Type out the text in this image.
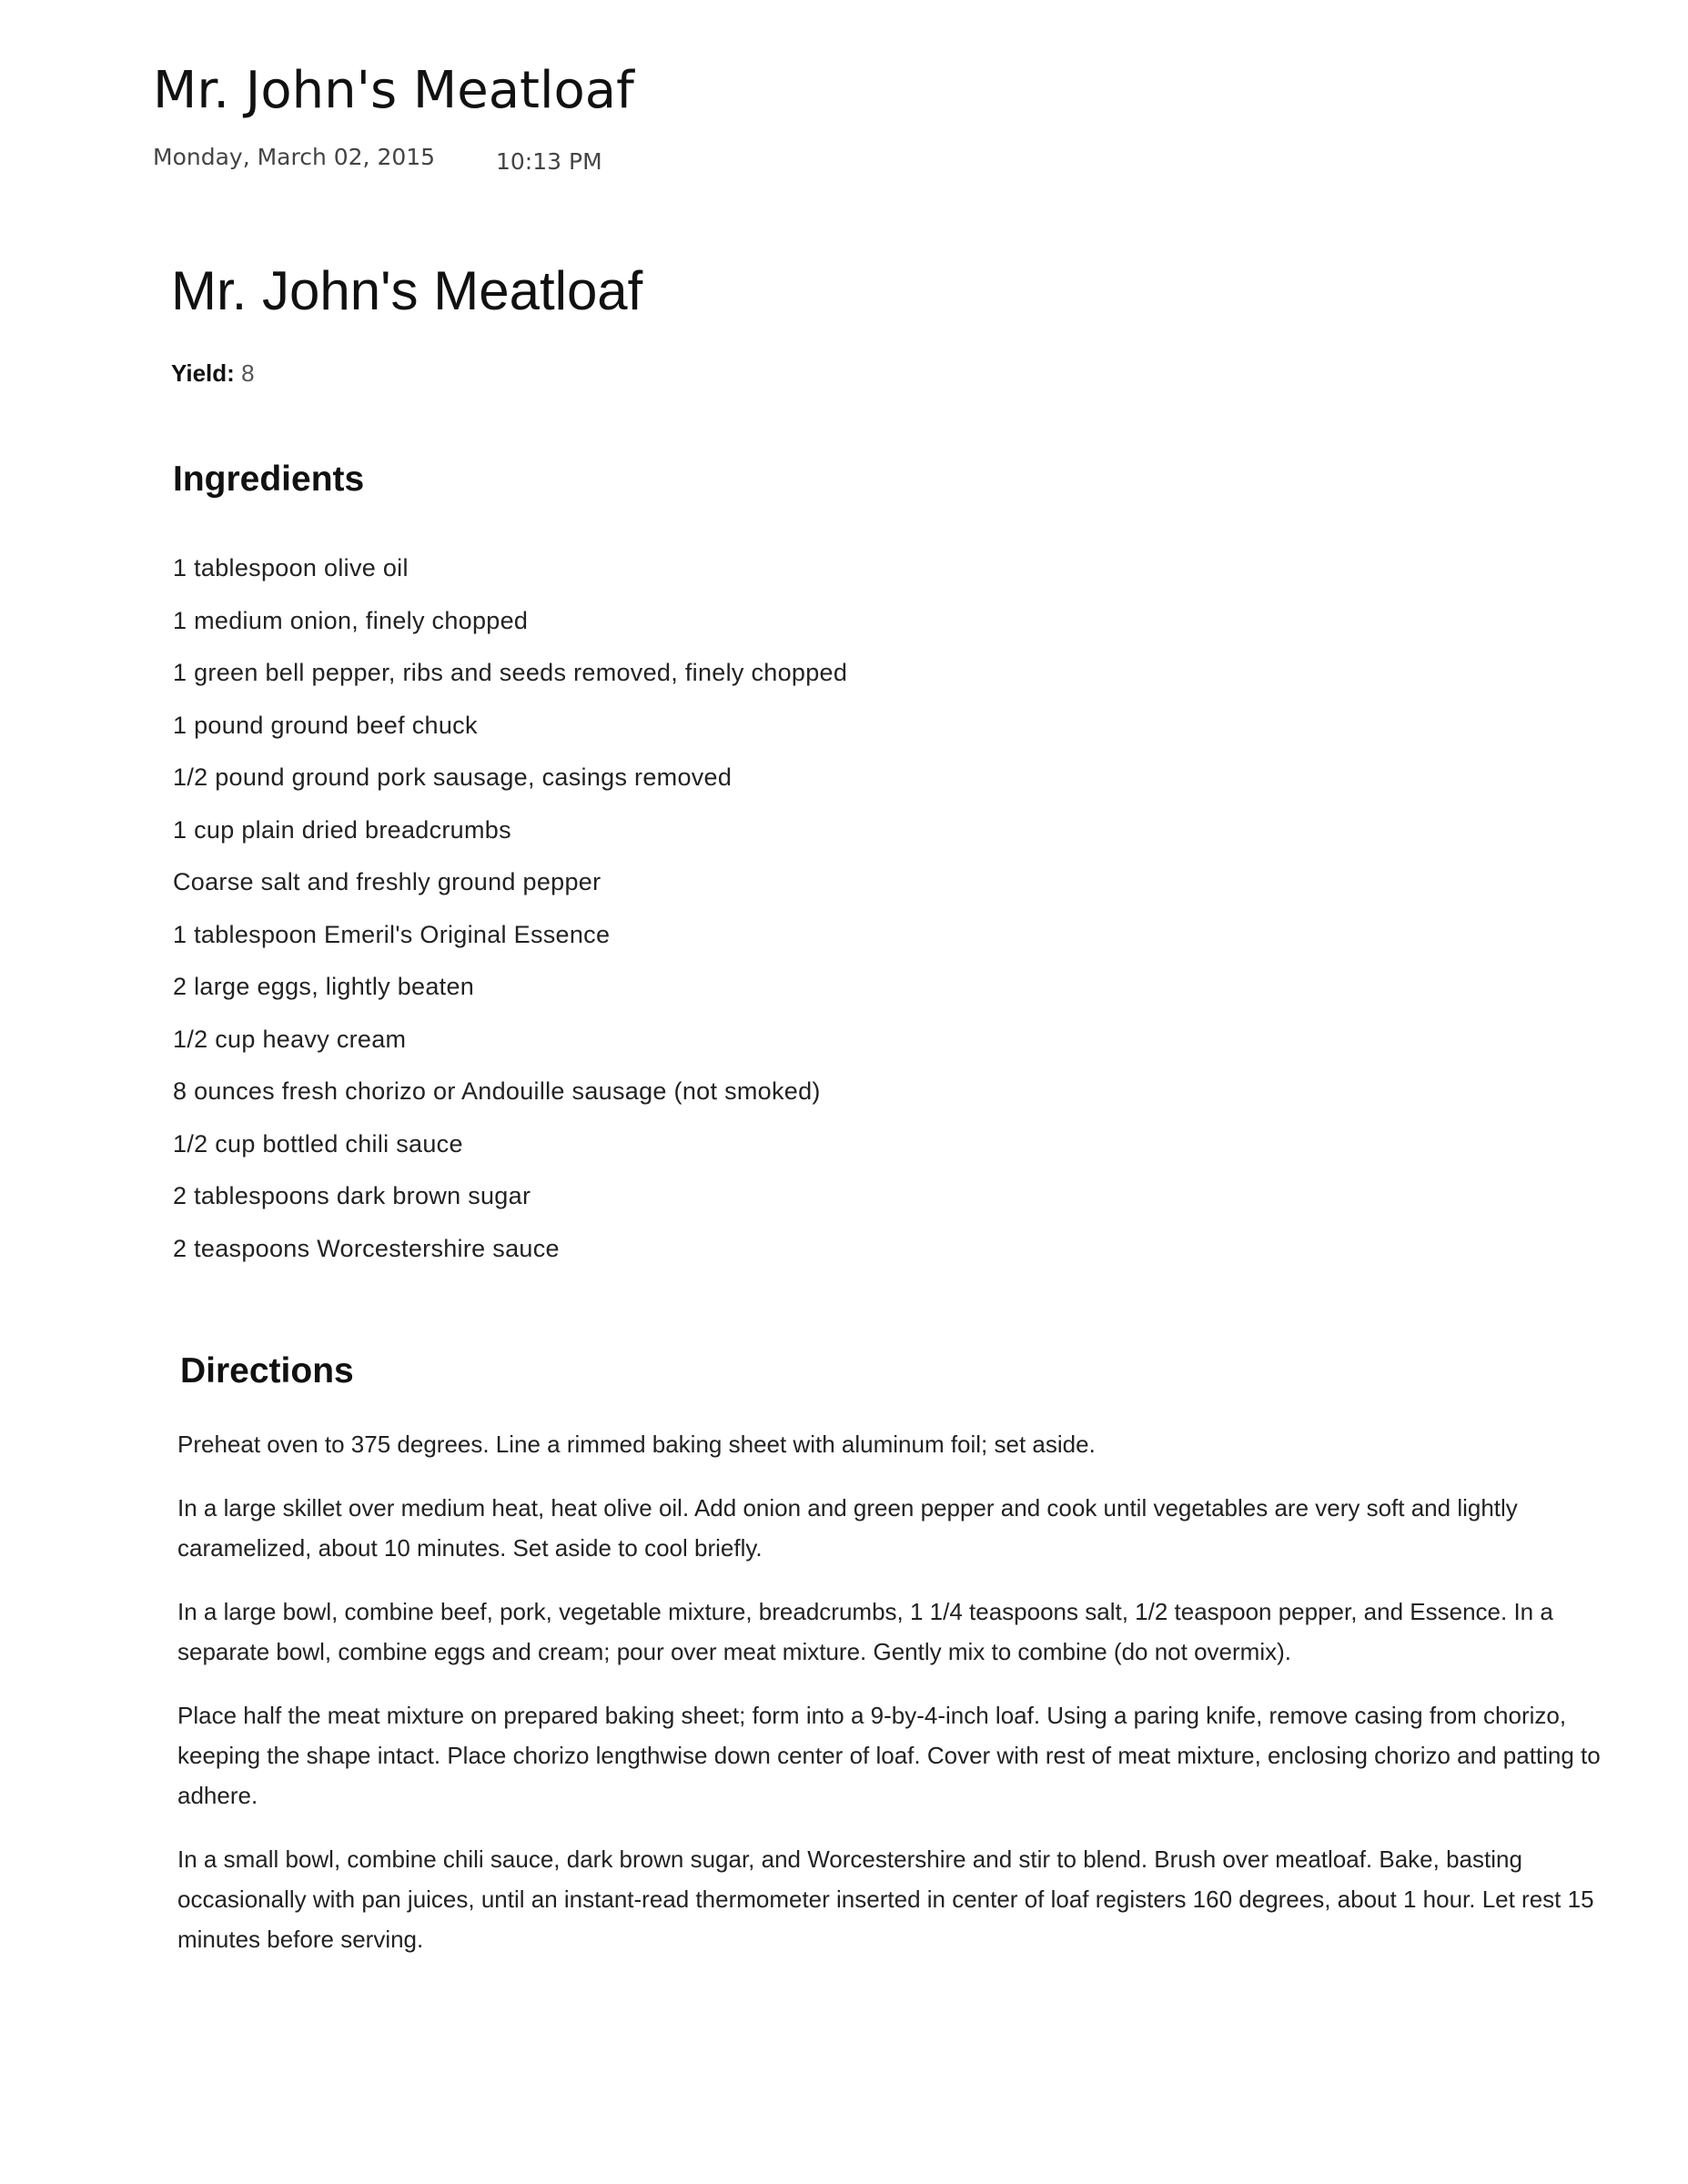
Mr. John's Meatloaf
Monday, March 02, 2015	10:13 PM
Mr. John's Meatloaf
Yield: 8
Ingredients
1 tablespoon olive oil
1 medium onion, finely chopped
1 green bell pepper, ribs and seeds removed, finely chopped
1 pound ground beef chuck
1/2 pound ground pork sausage, casings removed
1 cup plain dried breadcrumbs
Coarse salt and freshly ground pepper
1 tablespoon Emeril's Original Essence
2 large eggs, lightly beaten
1/2 cup heavy cream
8 ounces fresh chorizo or Andouille sausage (not smoked)
1/2 cup bottled chili sauce
2 tablespoons dark brown sugar
2 teaspoons Worcestershire sauce
Directions

Preheat oven to 375 degrees. Line a rimmed baking sheet with aluminum foil; set aside.

In a large skillet over medium heat, heat olive oil. Add onion and green pepper and cook until vegetables are very soft and lightly caramelized, about 10 minutes. Set aside to cool briefly.

In a large bowl, combine beef, pork, vegetable mixture, breadcrumbs, 1 1/4 teaspoons salt, 1/2 teaspoon pepper, and Essence. In a separate bowl, combine eggs and cream; pour over meat mixture. Gently mix to combine (do not overmix).

Place half the meat mixture on prepared baking sheet; form into a 9-by-4-inch loaf. Using a paring knife, remove casing from chorizo, keeping the shape intact. Place chorizo lengthwise down center of loaf. Cover with rest of meat mixture, enclosing chorizo and patting to adhere.

In a small bowl, combine chili sauce, dark brown sugar, and Worcestershire and stir to blend. Brush over meatloaf. Bake, basting occasionally with pan juices, until an instant-read thermometer inserted in center of loaf registers 160 degrees, about 1 hour. Let rest 15 minutes before serving.
